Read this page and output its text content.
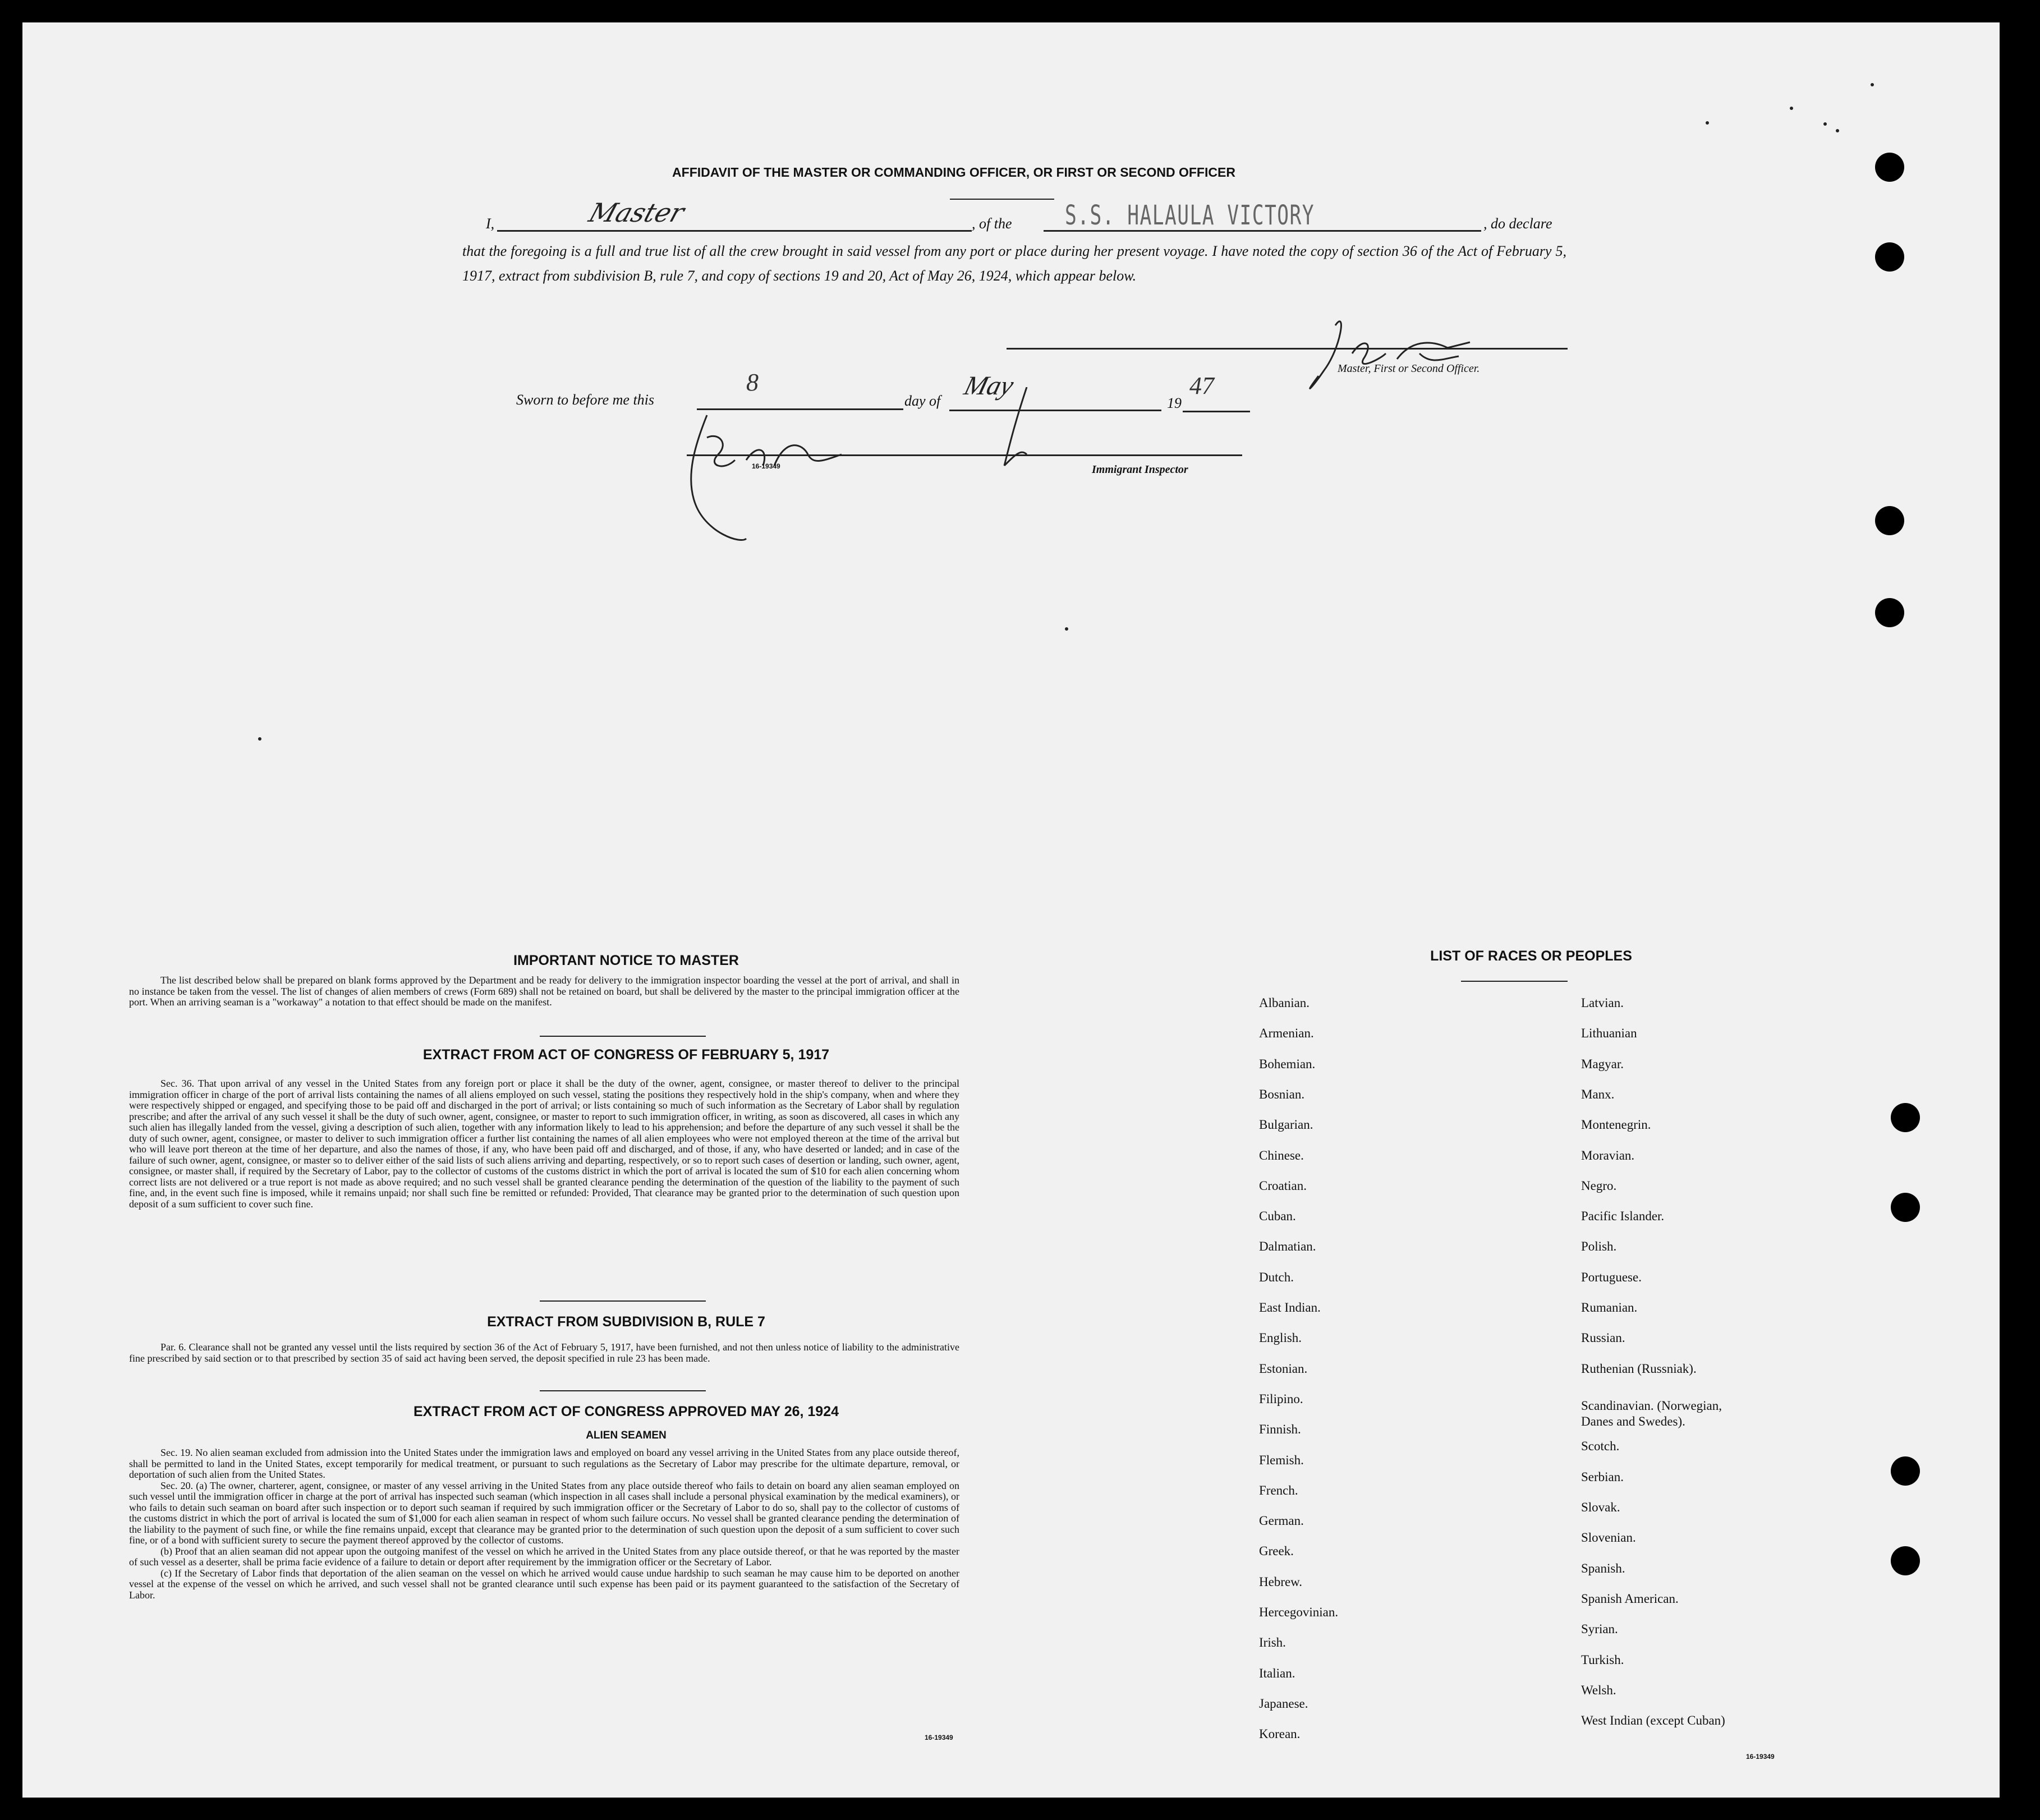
AFFIDAVIT OF THE MASTER OR COMMANDING OFFICER, OR FIRST OR SECOND OFFICER
I,	Master	, of the S.S. HALAULA VICTORY	, do declare
that the foregoing is a full and true list of all the crew brought in said vessel from any port or place during her present voyage. I have noted the copy of section 36 of the Act of February 5, 1917, extract from subdivision B, rule 7, and copy of sections 19 and 20, Act of May 26, 1924, which appear below.
Master, First or Second Officer.
Sworn to before me this
8
day of
May
19
47
16-19349	Immigrant Inspector
IMPORTANT NOTICE TO MASTER

The list described below shall be prepared on blank forms approved by the Department and be ready for delivery to the immigration inspector boarding the vessel at the port of arrival, and shall in no instance be taken from the vessel. The list of changes of alien members of crews (Form 689) shall not be retained on board, but shall be delivered by the master to the principal immigration officer at the port. When an arriving seaman is a "workaway" a notation to that effect should be made on the manifest.

EXTRACT FROM ACT OF CONGRESS OF FEBRUARY 5, 1917

Sec. 36. That upon arrival of any vessel in the United States from any foreign port or place it shall be the duty of the owner, agent, consignee, or master thereof to deliver to the principal immigration officer in charge of the port of arrival lists containing the names of all aliens employed on such vessel, stating the positions they respectively hold in the ship's company, when and where they were respectively shipped or engaged, and specifying those to be paid off and discharged in the port of arrival; or lists containing so much of such information as the Secretary of Labor shall by regulation prescribe; and after the arrival of any such vessel it shall be the duty of such owner, agent, consignee, or master to report to such immigration officer, in writing, as soon as discovered, all cases in which any such alien has illegally landed from the vessel, giving a description of such alien, together with any information likely to lead to his apprehension; and before the departure of any such vessel it shall be the duty of such owner, agent, consignee, or master to deliver to such immigration officer a further list containing the names of all alien employees who were not employed thereon at the time of the arrival but who will leave port thereon at the time of her departure, and also the names of those, if any, who have been paid off and discharged, and of those, if any, who have deserted or landed; and in case of the failure of such owner, agent, consignee, or master so to deliver either of the said lists of such aliens arriving and departing, respectively, or so to report such cases of desertion or landing, such owner, agent, consignee, or master shall, if required by the Secretary of Labor, pay to the collector of customs of the customs district in which the port of arrival is located the sum of $10 for each alien concerning whom correct lists are not delivered or a true report is not made as above required; and no such vessel shall be granted clearance pending the determination of the question of the liability to the payment of such fine, and, in the event such fine is imposed, while it remains unpaid; nor shall such fine be remitted or refunded: Provided, That clearance may be granted prior to the determination of such question upon deposit of a sum sufficient to cover such fine.

EXTRACT FROM SUBDIVISION B, RULE 7

Par. 6. Clearance shall not be granted any vessel until the lists required by section 36 of the Act of February 5, 1917, have been furnished, and not then unless notice of liability to the administrative fine prescribed by said section or to that prescribed by section 35 of said act having been served, the deposit specified in rule 23 has been made.

EXTRACT FROM ACT OF CONGRESS APPROVED MAY 26, 1924
ALIEN SEAMEN

Sec. 19. No alien seaman excluded from admission into the United States under the immigration laws and employed on board any vessel arriving in the United States from any place outside thereof, shall be permitted to land in the United States, except temporarily for medical treatment, or pursuant to such regulations as the Secretary of Labor may prescribe for the ultimate departure, removal, or deportation of such alien from the United States.

Sec. 20. (a) The owner, charterer, agent, consignee, or master of any vessel arriving in the United States from any place outside thereof who fails to detain on board any alien seaman employed on such vessel until the immigration officer in charge at the port of arrival has inspected such seaman (which inspection in all cases shall include a personal physical examination by the medical examiners), or who fails to detain such seaman on board after such inspection or to deport such seaman if required by such immigration officer or the Secretary of Labor to do so, shall pay to the collector of customs of the customs district in which the port of arrival is located the sum of $1,000 for each alien seaman in respect of whom such failure occurs. No vessel shall be granted clearance pending the determination of the liability to the payment of such fine, or while the fine remains unpaid, except that clearance may be granted prior to the determination of such question upon the deposit of a sum sufficient to cover such fine, or of a bond with sufficient surety to secure the payment thereof approved by the collector of customs.

(b) Proof that an alien seaman did not appear upon the outgoing manifest of the vessel on which he arrived in the United States from any place outside thereof, or that he was reported by the master of such vessel as a deserter, shall be prima facie evidence of a failure to detain or deport after requirement by the immigration officer or the Secretary of Labor.

(c) If the Secretary of Labor finds that deportation of the alien seaman on the vessel on which he arrived would cause undue hardship to such seaman he may cause him to be deported on another vessel at the expense of the vessel on which he arrived, and such vessel shall not be granted clearance until such expense has been paid or its payment guaranteed to the satisfaction of the Secretary of Labor.

16-19349
LIST OF RACES OR PEOPLES
Albanian.
Armenian.
Bohemian.
Bosnian.
Bulgarian.
Chinese.
Croatian.
Cuban.
Dalmatian.
Dutch.
East Indian.
English.
Estonian.
Filipino.
Finnish.
Flemish.
French.
German.
Greek.
Hebrew.
Hercegovinian.
Irish.
Italian.
Japanese.
Korean.
Latvian.
Lithuanian
Magyar.
Manx.
Montenegrin.
Moravian.
Negro.
Pacific Islander.
Polish.
Portuguese.
Rumanian.
Russian.
Ruthenian (Russniak).
Scandinavian. (Norwegian,
Danes and Swedes).
Scotch.
Serbian.
Slovak.
Slovenian.
Spanish.
Spanish American.
Syrian.
Turkish.
Welsh.
West Indian (except Cuban)
16-19349
